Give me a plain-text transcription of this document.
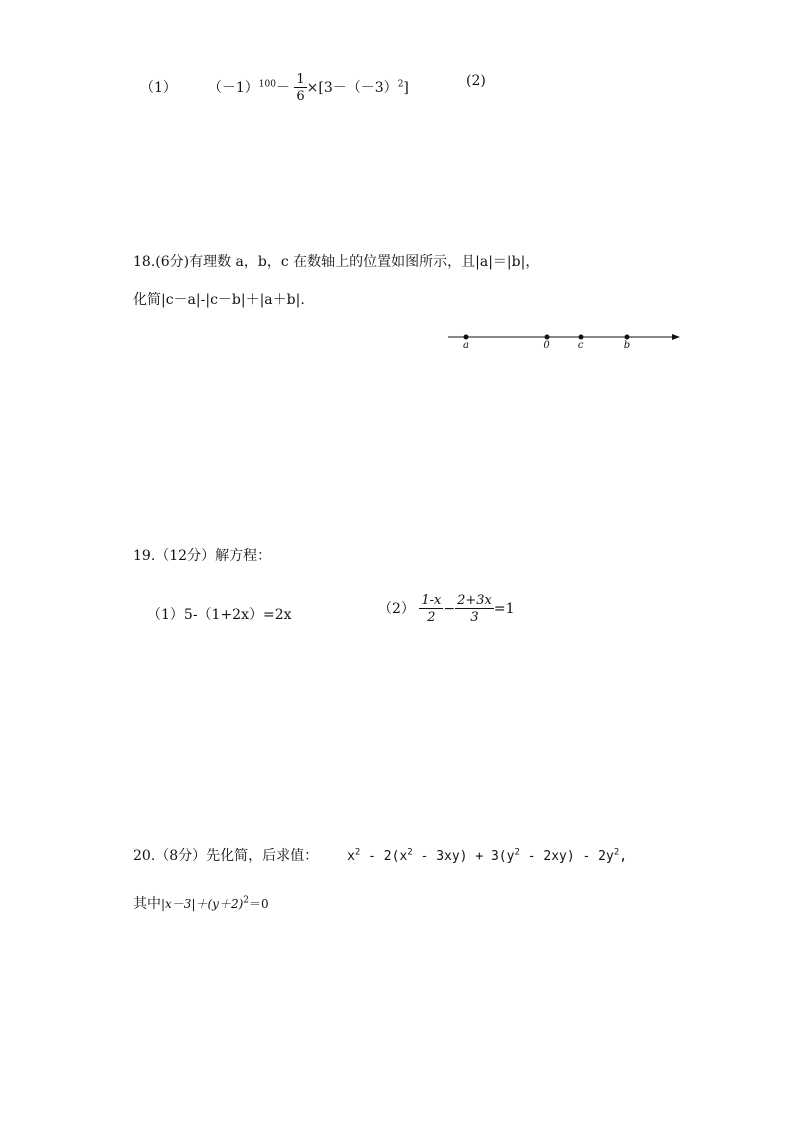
（1） $(-1)^{100}- \frac{1}{6} \times[3-(-3)^2]$	(2)
18.(6分)有理数 a，b，c 在数轴上的位置如图所示，且|a|＝|b|，
化简|c－a|-|c－b|＋|a＋b|.
a	0	c	b
19.（12分）解方程：
（1）5-（1+2x）=2x	$(2) \frac{1-x}{2} - \frac{2+3x}{3} =1$
20.（8分）先化简，后求值： $x^2 - 2(x^2 - 3xy) + 3(y^2 - 2xy) - 2y^2$,
其中$|x-3|+(y+2)^2=0$
